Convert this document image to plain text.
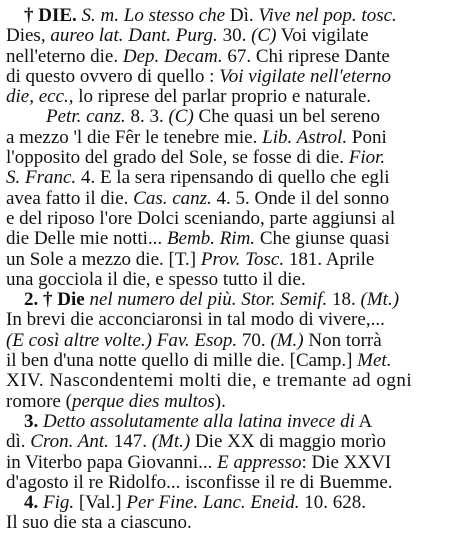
† DIE. S. m. Lo stesso che Dì. Vive nel pop. tosc.
Dies, aureo lat. Dant. Purg. 30. (C) Voi vigilate
nell'eterno die. Dep. Decam. 67. Chi riprese Dante
di questo ovvero di quello : Voi vigilate nell'eterno
die, ecc., lo riprese del parlar proprio e naturale.
Petr. canz. 8. 3. (C) Che quasi un bel sereno
a mezzo 'l die Fêr le tenebre mie. Lib. Astrol. Poni
l'opposito del grado del Sole, se fosse di die. Fior.
S. Franc. 4. E la sera ripensando di quello che egli
avea fatto il die. Cas. canz. 4. 5. Onde il del sonno
e del riposo l'ore Dolci sceniando, parte aggiunsi al
die Delle mie notti... Bemb. Rim. Che giunse quasi
un Sole a mezzo die. [T.] Prov. Tosc. 181. Aprile
una gocciola il die, e spesso tutto il die.
2. † Die nel numero del più. Stor. Semif. 18. (Mt.)
In brevi die acconciaronsi in tal modo di vivere,...
(E così altre volte.) Fav. Esop. 70. (M.) Non torrà
il ben d'una notte quello di mille die. [Camp.] Met.
XIV. Nascondentemi molti die, e tremante ad ogni
romore (perque dies multos).
3. Detto assolutamente alla latina invece di A
dì. Cron. Ant. 147. (Mt.) Die XX di maggio morìo
in Viterbo papa Giovanni... E appresso: Die XXVI
d'agosto il re Ridolfo... isconfisse il re di Buemme.
4. Fig. [Val.] Per Fine. Lanc. Eneid. 10. 628.
Il suo die sta a ciascuno.
